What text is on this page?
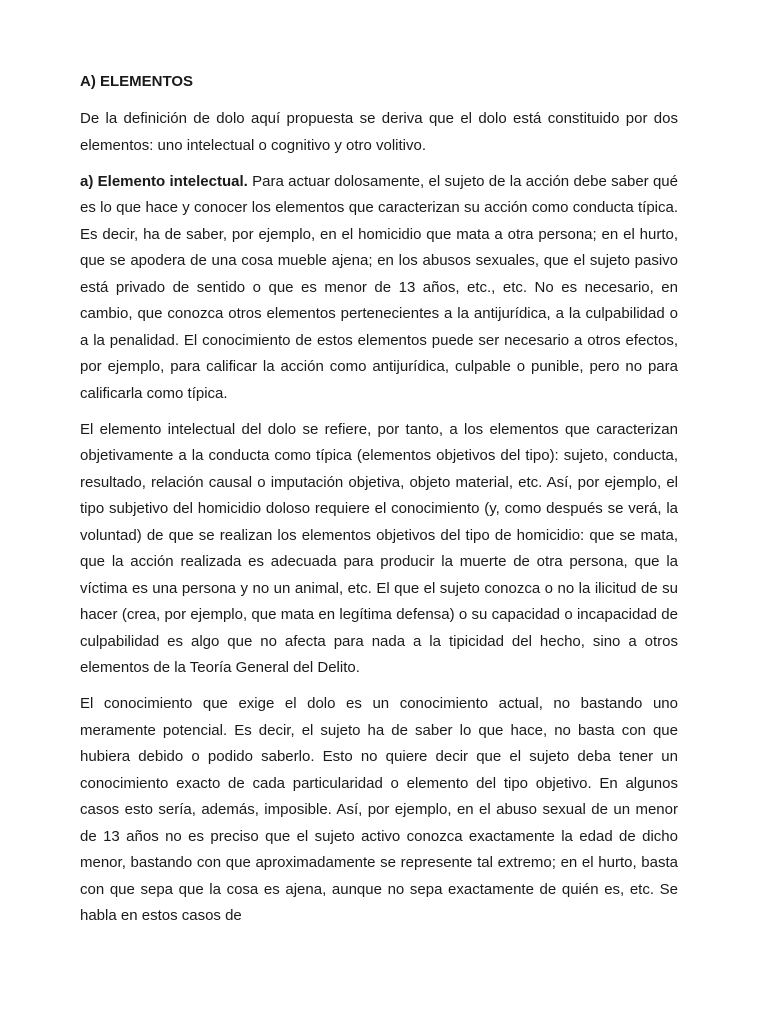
A) ELEMENTOS

De la definición de dolo aquí propuesta se deriva que el dolo está constituido por dos elementos: uno intelectual o cognitivo y otro volitivo.

a) Elemento intelectual. Para actuar dolosamente, el sujeto de la acción debe saber qué es lo que hace y conocer los elementos que caracterizan su acción como conducta típica. Es decir, ha de saber, por ejemplo, en el homicidio que mata a otra persona; en el hurto, que se apodera de una cosa mueble ajena; en los abusos sexuales, que el sujeto pasivo está privado de sentido o que es menor de 13 años, etc., etc. No es necesario, en cambio, que conozca otros elementos pertenecientes a la antijurídica, a la culpabilidad o a la penalidad. El conocimiento de estos elementos puede ser necesario a otros efectos, por ejemplo, para calificar la acción como antijurídica, culpable o punible, pero no para calificarla como típica.

El elemento intelectual del dolo se refiere, por tanto, a los elementos que caracterizan objetivamente a la conducta como típica (elementos objetivos del tipo): sujeto, conducta, resultado, relación causal o imputación objetiva, objeto material, etc. Así, por ejemplo, el tipo subjetivo del homicidio doloso requiere el conocimiento (y, como después se verá, la voluntad) de que se realizan los elementos objetivos del tipo de homicidio: que se mata, que la acción realizada es adecuada para producir la muerte de otra persona, que la víctima es una persona y no un animal, etc. El que el sujeto conozca o no la ilicitud de su hacer (crea, por ejemplo, que mata en legítima defensa) o su capacidad o incapacidad de culpabilidad es algo que no afecta para nada a la tipicidad del hecho, sino a otros elementos de la Teoría General del Delito.

El conocimiento que exige el dolo es un conocimiento actual, no bastando uno meramente potencial. Es decir, el sujeto ha de saber lo que hace, no basta con que hubiera debido o podido saberlo. Esto no quiere decir que el sujeto deba tener un conocimiento exacto de cada particularidad o elemento del tipo objetivo. En algunos casos esto sería, además, imposible. Así, por ejemplo, en el abuso sexual de un menor de 13 años no es preciso que el sujeto activo conozca exactamente la edad de dicho menor, bastando con que aproximadamente se represente tal extremo; en el hurto, basta con que sepa que la cosa es ajena, aunque no sepa exactamente de quién es, etc. Se habla en estos casos de
